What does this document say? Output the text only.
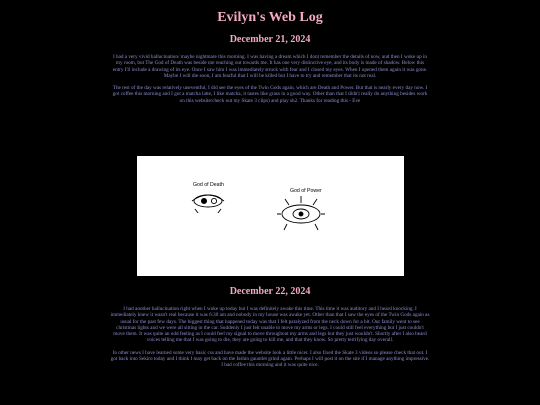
Evilyn's Web Log
December 21, 2024

I had a very vivid hallucination/ maybe nightmare this morning. I was having a dream which I dont remember the details of now, and then I woke up in my room, but The God of Death was beside me reaching out towards me. It has one very distinctive eye, and its body is made of shadow. Below this entry I'll include a drawing of its eye. Once I saw him I was immediately struck with fear and I closed my eyes. When I opened them again it was gone. Maybe I will die soon, I am fearful that I will be killed but I have to try and remember that its not real.

The rest of the day was relatively uneventful, I did see the eyes of the Twin Gods again, which are Death and Power. But that is nearly every day now. I got coffee this morning and I got a matcha latte, I like matcha, it tastes like grass in a good way. Other than that I didn't really do anything besides work on this website/check out my Skate 3 clips) and play sh2. Thanks for reading this - Eve

God of Death
God of Power
December 22, 2024

I had another hallucination right when I woke up today but I was definitely awake this time. This time it was auditory and I heard knocking. I immediately knew it wasn't real because it was 6:30 am and nobody in my house was awake yet. Other than that I saw the eyes of the Twin Gods again as usual for the past few days. The biggest thing that happened today was that I felt paralyzed from the neck down for a bit. Our family went to see christmas lights and we were all sitting in the car. Suddenly I just felt unable to move my arms or legs. I could still feel everything but I just couldn't move them. It was quite an odd feeling as I could feel my signal to move throughout my arms and legs but they just wouldn't. Shortly after I also heard voices telling me that I was going to die, they are going to kill me, and that they know. So pretty terrifying day overall.

In other news I have learned some very basic css and have made the website look a little nicer. I also fixed the Skate 3 videos so please check that out. I got back into Sekiro today and I think I may get back on the Isshin gauntlet grind again. Perhaps I will post it on the site if I manage anything impressive. I had coffee this morning and it was quite nice.
